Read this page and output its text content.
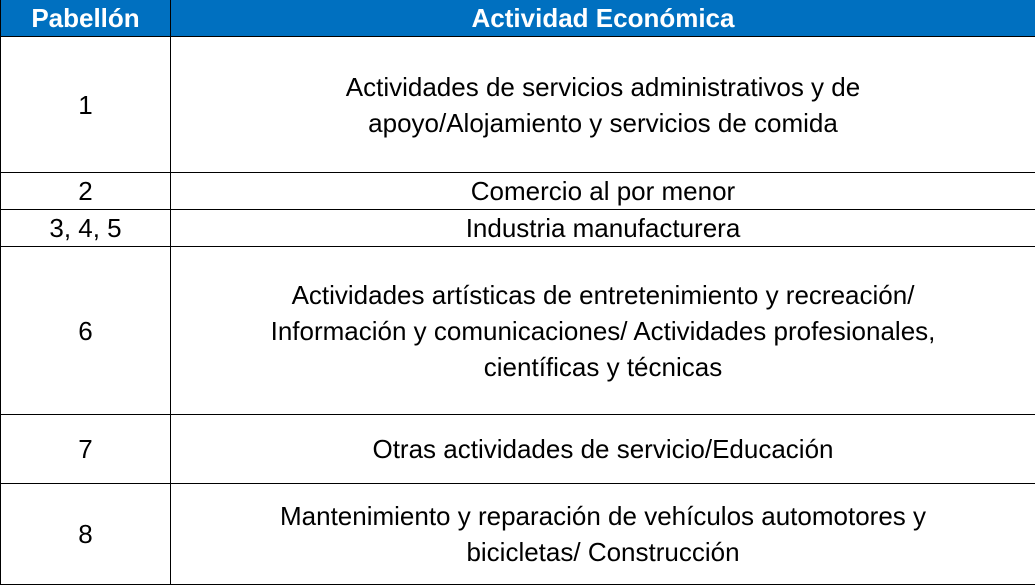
Pabellón	Actividad Económica
1	Actividades de servicios administrativos y de
apoyo/Alojamiento y servicios de comida

2	Comercio al por menor

3, 4, 5	Industria manufacturera

6	Actividades artísticas de entretenimiento y recreación/
Información y comunicaciones/ Actividades profesionales,
científicas y técnicas

7	Otras actividades de servicio/Educación

8	Mantenimiento y reparación de vehículos automotores y
bicicletas/ Construcción
